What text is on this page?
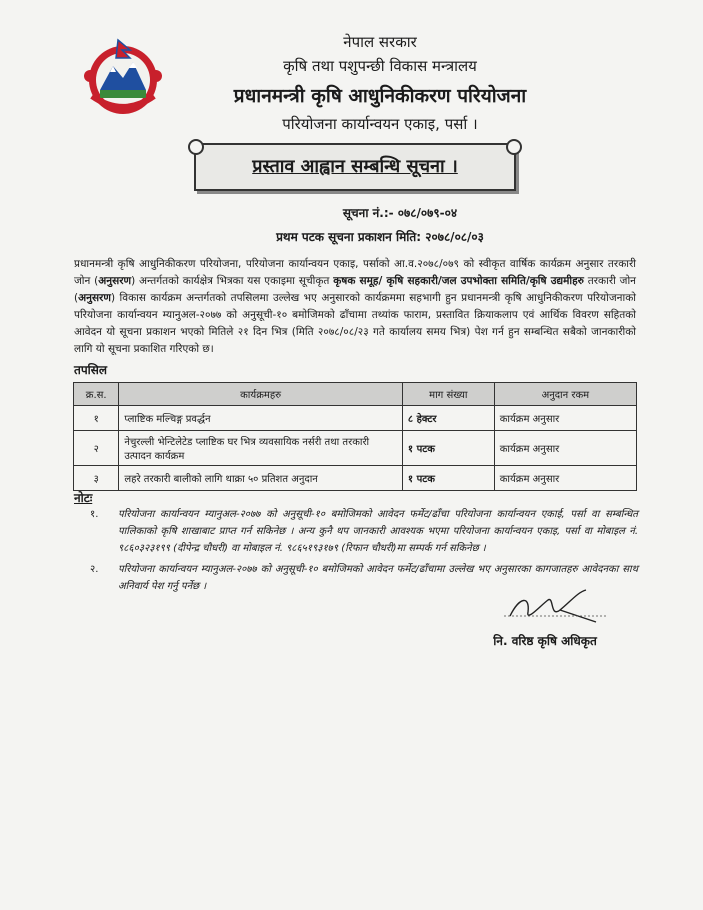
नेपाल सरकार
कृषि तथा पशुपन्छी विकास मन्त्रालय
प्रधानमन्त्री कृषि आधुनिकीकरण परियोजना
परियोजना कार्यान्वयन एकाइ, पर्सा ।
प्रस्ताव आह्वान सम्बन्धि सूचना ।
सूचना नं.:- ०७८/०७९-०४
प्रथम पटक सूचना प्रकाशन मिति: २०७८/०८/०३
प्रधानमन्त्री कृषि आधुनिकीकरण परियोजना, परियोजना कार्यान्वयन एकाइ, पर्साको आ.व.२०७८/०७९ को स्वीकृत वार्षिक कार्यक्रम अनुसार तरकारी जोन (अनुसरण) अन्तर्गतको कार्यक्षेत्र भित्रका यस एकाइमा सूचीकृत कृषक समूह/ कृषि सहकारी/जल उपभोक्ता समिति/कृषि उद्यमीहरु तरकारी जोन (अनुसरण) विकास कार्यक्रम अन्तर्गतको तपसिलमा उल्लेख भए अनुसारको कार्यक्रममा सहभागी हुन प्रधानमन्त्री कृषि आधुनिकीकरण परियोजनाको परियोजना कार्यान्वयन म्यानुअल-२०७७ को अनुसूची-१० बमोजिमको ढाँचामा तथ्यांक फाराम, प्रस्तावित क्रियाकलाप एवं आर्थिक विवरण सहितको आवेदन यो सूचना प्रकाशन भएको मितिले २१ दिन भित्र (मिति २०७८/०८/२३ गते कार्यालय समय भित्र) पेश गर्न हुन सम्बन्धित सबैको जानकारीको लागि यो सूचना प्रकाशित गरिएको छ।
तपसिल
क्र.स.	कार्यक्रमहरु	माग संख्या	अनुदान रकम
१	प्लाष्टिक मल्चिङ्ग प्रवर्द्धन	८ हेक्टर	कार्यक्रम अनुसार
२	नेचुरल्ली भेन्टिलेटेड प्लाष्टिक घर भित्र व्यवसायिक नर्सरी तथा तरकारी उत्पादन कार्यक्रम	१ पटक	कार्यक्रम अनुसार
३	लहरे तरकारी बालीको लागि थाक्रा ५० प्रतिशत अनुदान	१ पटक	कार्यक्रम अनुसार
नोटः
१. परियोजना कार्यान्वयन म्यानुअल-२०७७ को अनुसूची-१० बमोजिमको आवेदन फर्मेट/ढाँचा परियोजना कार्यान्वयन एकाई, पर्सा वा सम्बन्धित पालिकाको कृषि शाखाबाट प्राप्त गर्न सकिनेछ । अन्य कुनै थप जानकारी आवश्यक भएमा परियोजना कार्यान्वयन एकाइ, पर्सा वा मोबाइल नं. ९८६०३२३१९९ (दीपेन्द्र चौधरी) वा मोबाइल नं. ९८६५१९३१७९ (रिफान चौधरी)मा सम्पर्क गर्न सकिनेछ ।
२. परियोजना कार्यान्वयन म्यानुअल-२०७७ को अनुसूची-१० बमोजिमको आवेदन फर्मेट/ढाँचामा उल्लेख भए अनुसारका कागजातहरु आवेदनका साथ अनिवार्य पेश गर्नु पर्नेछ ।
नि. वरिष्ठ कृषि अधिकृत
